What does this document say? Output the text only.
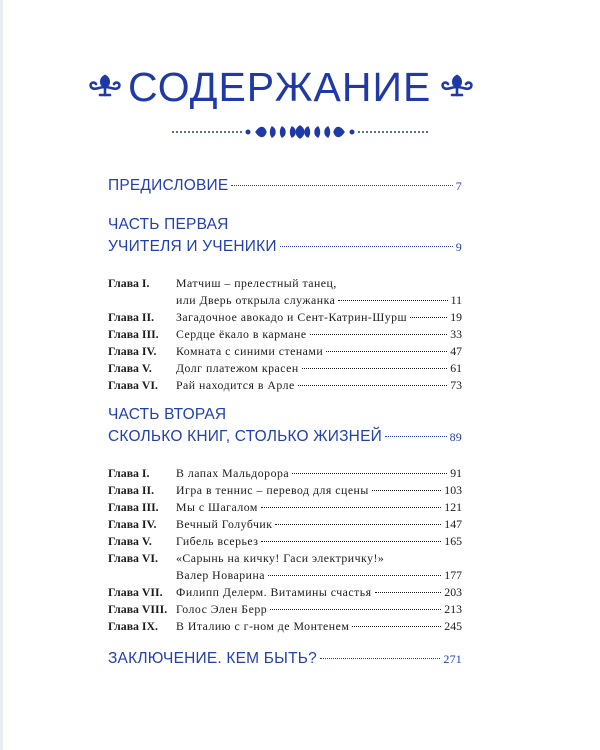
СОДЕРЖАНИЕ
ПРЕДИСЛОВИЕ	7
ЧАСТЬ ПЕРВАЯ
УЧИТЕЛЯ И УЧЕНИКИ	9
Глава I.	Матчиш – прелестный танец,
или Дверь открыла служанка	11
Глава II.	Загадочное авокадо и Сент-Катрин-Шурш	19
Глава III.	Сердце ёкало в кармане	33
Глава IV.	Комната с синими стенами	47
Глава V.	Долг платежом красен	61
Глава VI.	Рай находится в Арле	73
ЧАСТЬ ВТОРАЯ
СКОЛЬКО КНИГ, СТОЛЬКО ЖИЗНЕЙ	89
Глава I.	В лапах Мальдорора	91
Глава II.	Игра в теннис – перевод для сцены	103
Глава III.	Мы с Шагалом	121
Глава IV.	Вечный Голубчик	147
Глава V.	Гибель всерьез	165
Глава VI.	«Сарынь на кичку! Гаси электричку!»
Валер Новарина	177
Глава VII.	Филипп Делерм. Витамины счастья	203
Глава VIII. Голос Элен Берр	213
Глава IX.	В Италию с г-ном де Монтенем	245
ЗАКЛЮЧЕНИЕ. КЕМ БЫТЬ?	271
